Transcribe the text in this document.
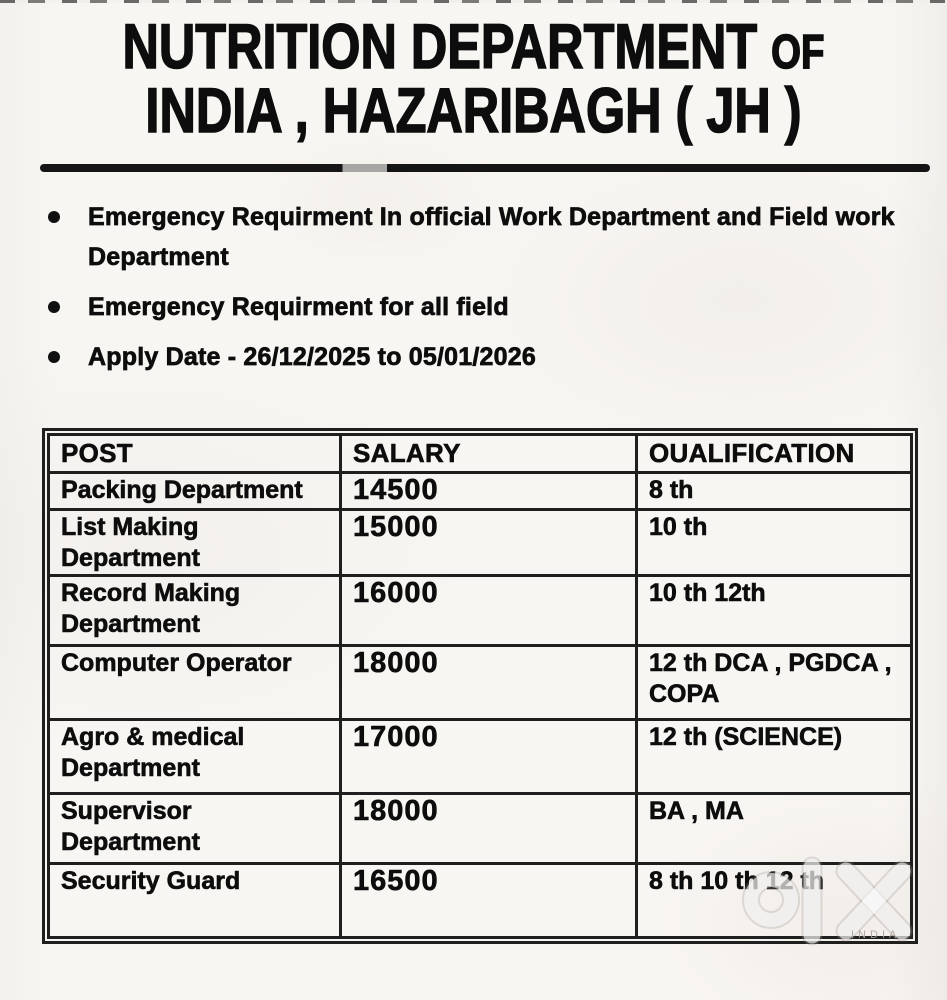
NUTRITION DEPARTMENT OF
INDIA , HAZARIBAGH ( JH )
Emergency Requirment In official Work Department and Field work Department
Emergency Requirment for all field
Apply Date - 26/12/2025 to 05/01/2026
POST	SALARY	OUALIFICATION
Packing Department	14500	8 th
List Making Department	15000	10 th
Record Making Department	16000	10 th 12th
Computer Operator	18000	12 th DCA , PGDCA , COPA
Agro & medical Department	17000	12 th (SCIENCE)
Supervisor Department	18000	BA , MA
Security Guard	16500	8 th 10 th 12 th
INDIA
